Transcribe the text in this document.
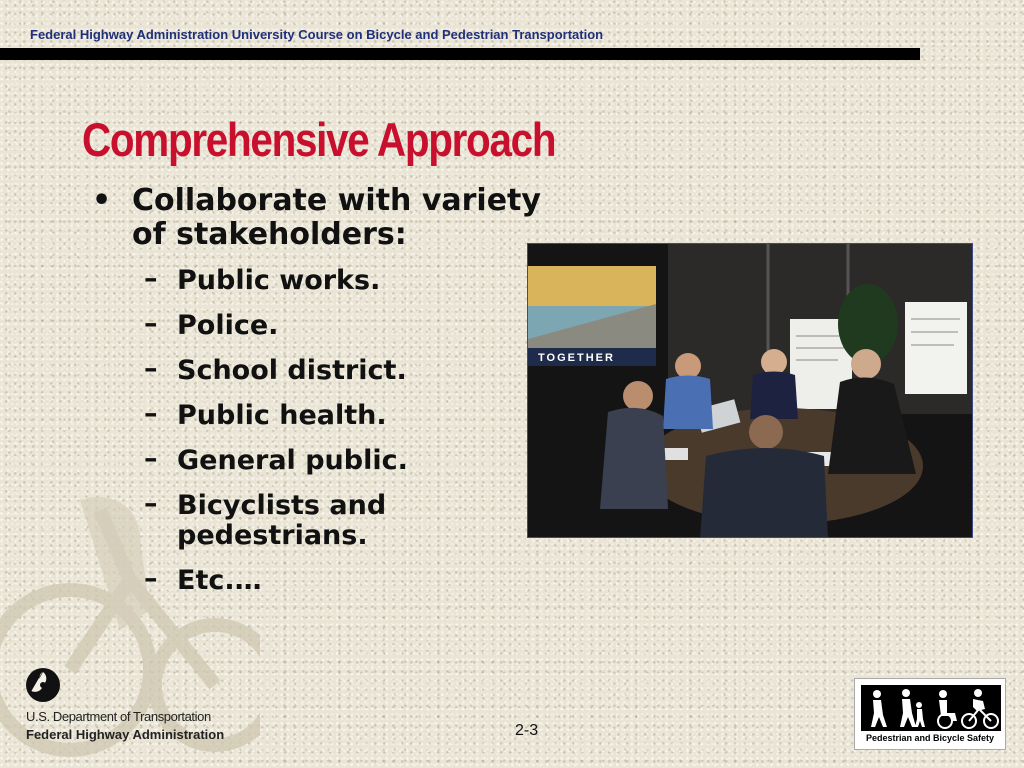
Federal Highway Administration University Course on Bicycle and Pedestrian Transportation
Comprehensive Approach
• Collaborate with variety of stakeholders:
– Public works.
– Police.
– School district.
– Public health.
– General public.
– Bicyclists and pedestrians.
– Etc.…
TOGETHER
U.S. Department of Transportation
Federal Highway Administration	2-3	Pedestrian and Bicycle Safety
